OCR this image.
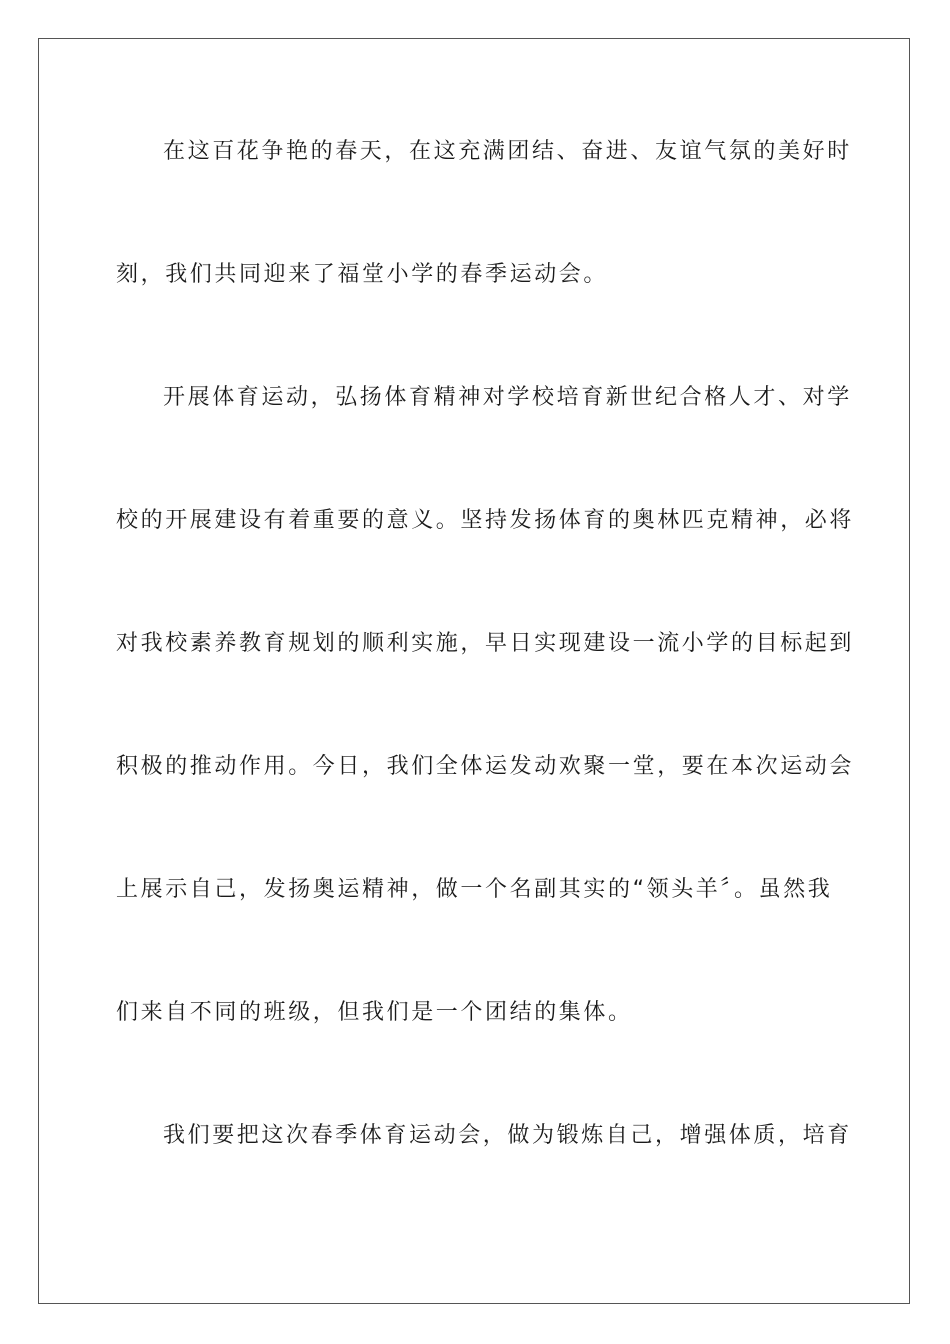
在这百花争艳的春天，在这充满团结、奋进、友谊气氛的美好时
刻，我们共同迎来了福堂小学的春季运动会。
开展体育运动，弘扬体育精神对学校培育新世纪合格人才、对学
校的开展建设有着重要的意义。坚持发扬体育的奥林匹克精神，必将
对我校素养教育规划的顺利实施，早日实现建设一流小学的目标起到
积极的推动作用。今日，我们全体运发动欢聚一堂，要在本次运动会
上展示自己，发扬奥运精神，做一个名副其实的“领头羊〞。虽然我
们来自不同的班级，但我们是一个团结的集体。
我们要把这次春季体育运动会，做为锻炼自己，增强体质，培育
